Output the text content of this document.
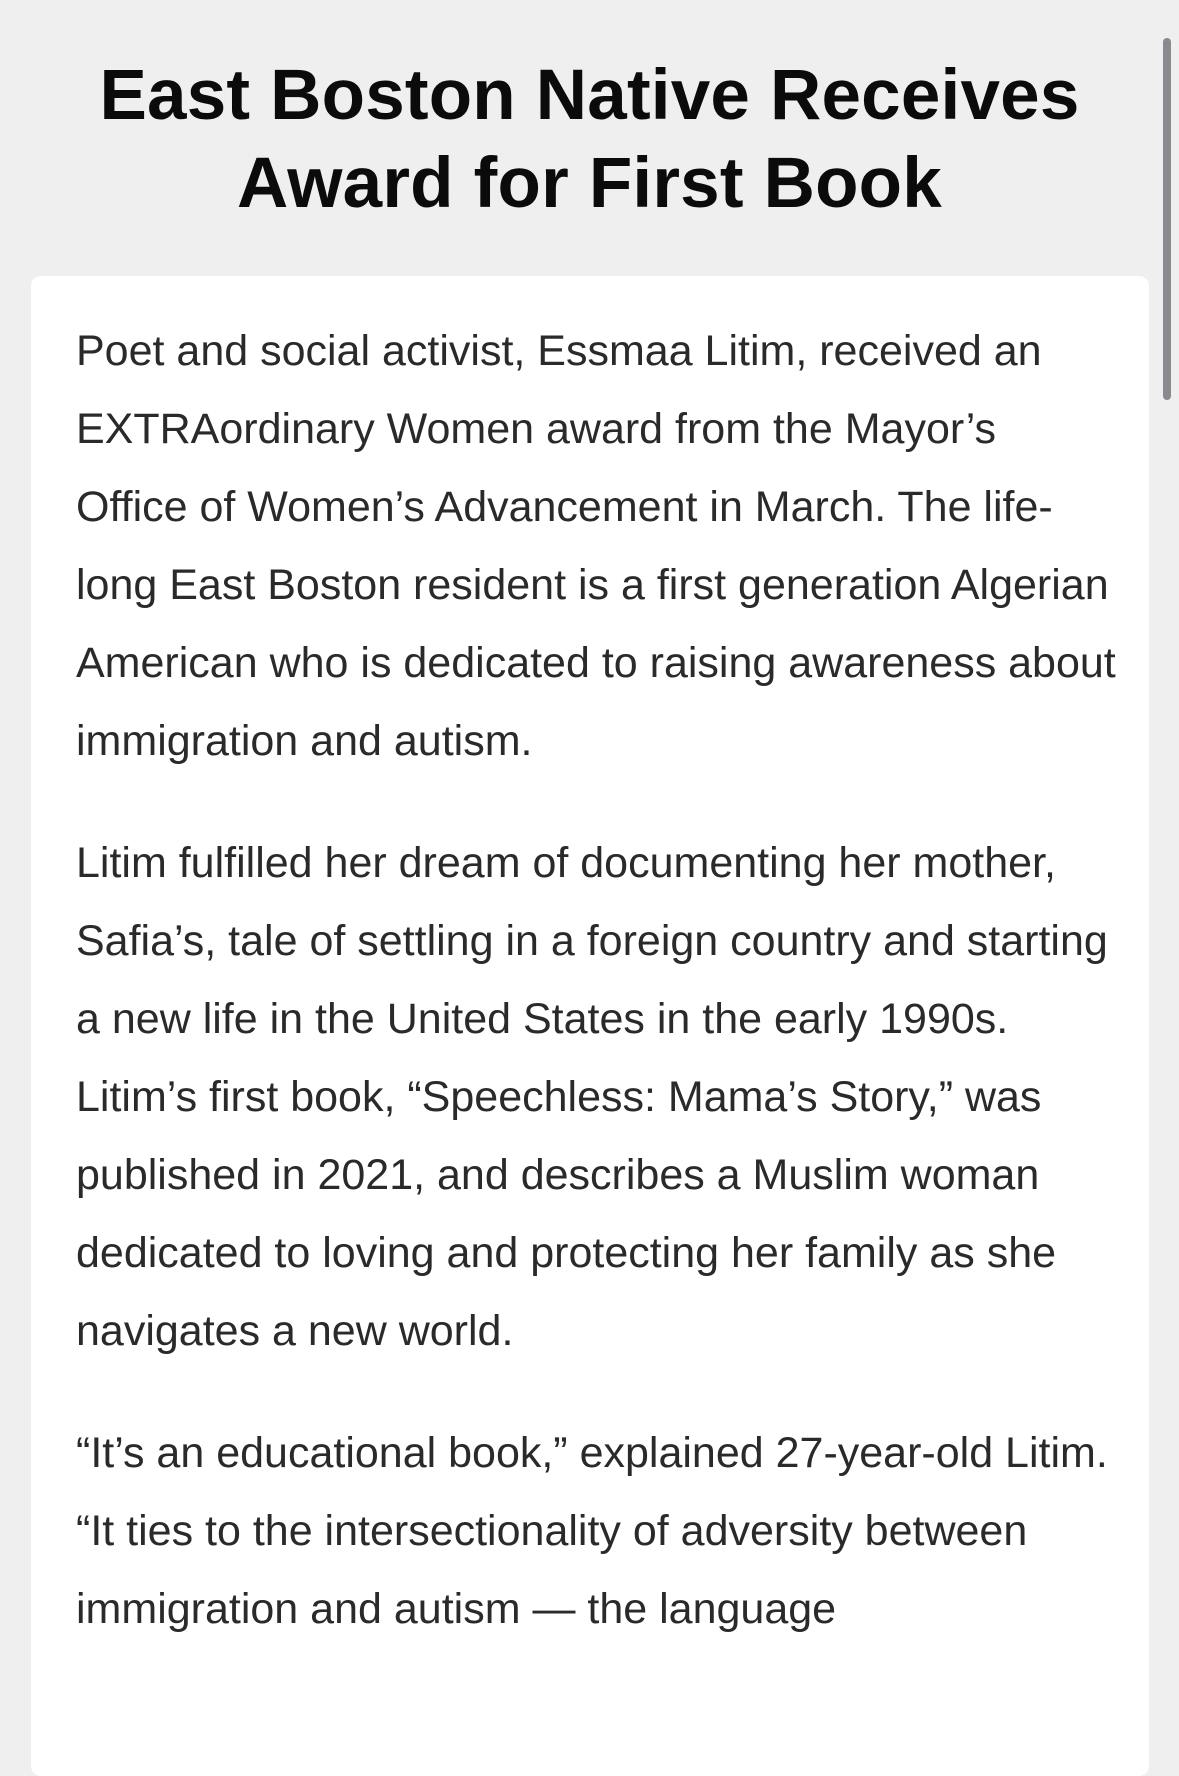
East Boston Native Receives Award for First Book

Poet and social activist, Essmaa Litim, received an EXTRAordinary Women award from the Mayor’s Office of Women’s Advancement in March. The life-long East Boston resident is a first generation Algerian American who is dedicated to raising awareness about immigration and autism.

Litim fulfilled her dream of documenting her mother, Safia’s, tale of settling in a foreign country and starting a new life in the United States in the early 1990s. Litim’s first book, “Speechless: Mama’s Story,” was published in 2021, and describes a Muslim woman dedicated to loving and protecting her family as she navigates a new world.

“It’s an educational book,” explained 27-year-old Litim. “It ties to the intersectionality of adversity between immigration and autism — the language
